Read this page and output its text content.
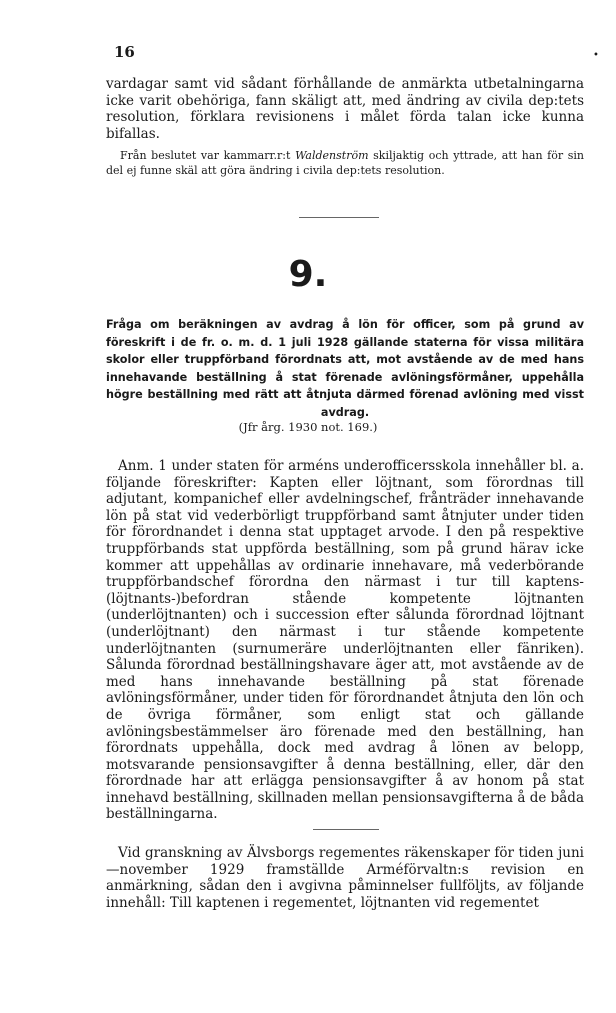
16	•

vardagar samt vid sådant förhållande de anmärkta utbetalningarna icke varit obehöriga, fann skäligt att, med ändring av civila dep:tets resolution, förklara revisionens i målet förda talan icke kunna bifallas.

Från beslutet var kammarr.r:t Waldenström skiljaktig och yttrade, att han för sin del ej funne skäl att göra ändring i civila dep:tets resolution.

9.
Fråga om beräkningen av avdrag å lön för officer, som på grund av föreskrift i de fr. o. m. d. 1 juli 1928 gällande staterna för vissa militära skolor eller truppförband förordnats att, mot avstående av de med hans innehavande beställning å stat förenade avlöningsförmåner, uppehålla högre beställning med rätt att åtnjuta därmed förenad avlöning med visst avdrag.
(Jfr årg. 1930 not. 169.)

Anm. 1 under staten för arméns underofficersskola innehåller bl. a. följande föreskrifter: Kapten eller löjtnant, som förordnas till adjutant, kompanichef eller avdelningschef, frånträder innehavande lön på stat vid vederbörligt truppförband samt åtnjuter under tiden för förordnandet i denna stat upptaget arvode. I den på respektive truppförbands stat uppförda beställning, som på grund härav icke kommer att uppehållas av ordinarie innehavare, må vederbörande truppförbandschef förordna den närmast i tur till kaptens-(löjtnants-)befordran stående kompetente löjtnanten (underlöjtnanten) och i succession efter sålunda förordnad löjtnant (underlöjtnant) den närmast i tur stående kompetente underlöjtnanten (surnumeräre underlöjtnanten eller fänriken). Sålunda förordnad beställningshavare äger att, mot avstående av de med hans innehavande beställning på stat förenade avlöningsförmåner, under tiden för förordnandet åtnjuta den lön och de övriga förmåner, som enligt stat och gällande avlöningsbestämmelser äro förenade med den beställning, han förordnats uppehålla, dock med avdrag å lönen av belopp, motsvarande pensionsavgifter å denna beställning, eller, där den förordnade har att erlägga pensionsavgifter å av honom på stat innehavd beställning, skillnaden mellan pensionsavgifterna å de båda beställningarna.

Vid granskning av Älvsborgs regementes räkenskaper för tiden juni—november 1929 framställde Arméförvaltn:s revision en anmärkning, sådan den i avgivna påminnelser fullföljts, av följande innehåll: Till kaptenen i regementet, löjtnanten vid regementet
